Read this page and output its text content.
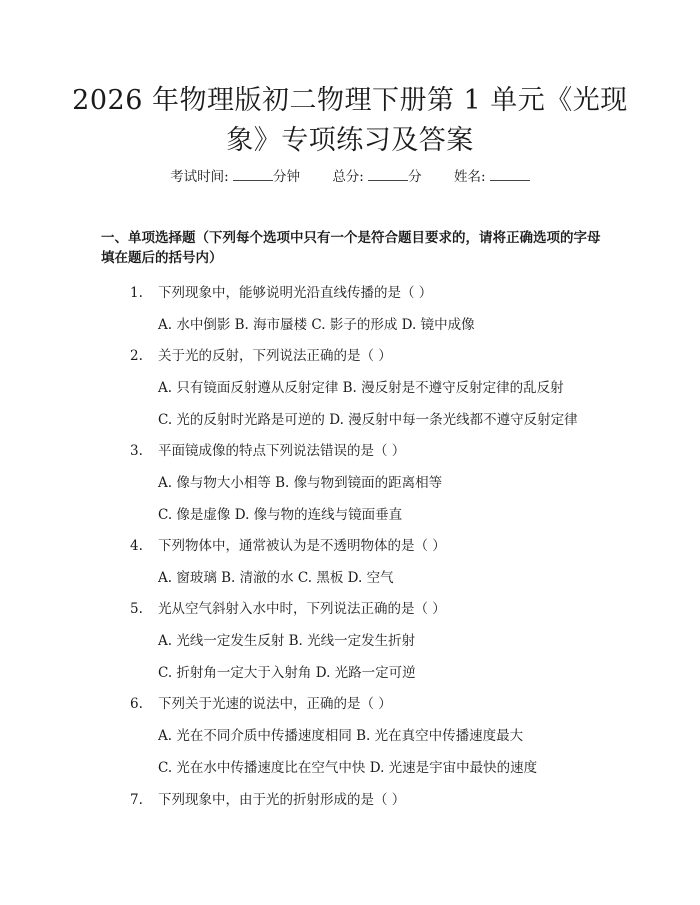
2026 年物理版初二物理下册第 1 单元《光现
象》专项练习及答案
考试时间:	分钟 总分:	分 姓名:
一、单项选择题（下列每个选项中只有一个是符合题目要求的，请将正确选项的字母填在题后的括号内）
1. 下列现象中，能够说明光沿直线传播的是（ ）
A. 水中倒影 B. 海市蜃楼 C. 影子的形成 D. 镜中成像
2. 关于光的反射，下列说法正确的是（ ）
A. 只有镜面反射遵从反射定律 B. 漫反射是不遵守反射定律的乱反射
C. 光的反射时光路是可逆的 D. 漫反射中每一条光线都不遵守反射定律
3. 平面镜成像的特点下列说法错误的是（ ）
A. 像与物大小相等 B. 像与物到镜面的距离相等
C. 像是虚像 D. 像与物的连线与镜面垂直
4. 下列物体中，通常被认为是不透明物体的是（ ）
A. 窗玻璃 B. 清澈的水 C. 黑板 D. 空气
5. 光从空气斜射入水中时，下列说法正确的是（ ）
A. 光线一定发生反射 B. 光线一定发生折射
C. 折射角一定大于入射角 D. 光路一定可逆
6. 下列关于光速的说法中，正确的是（ ）
A. 光在不同介质中传播速度相同 B. 光在真空中传播速度最大
C. 光在水中传播速度比在空气中快 D. 光速是宇宙中最快的速度
7. 下列现象中，由于光的折射形成的是（ ）
